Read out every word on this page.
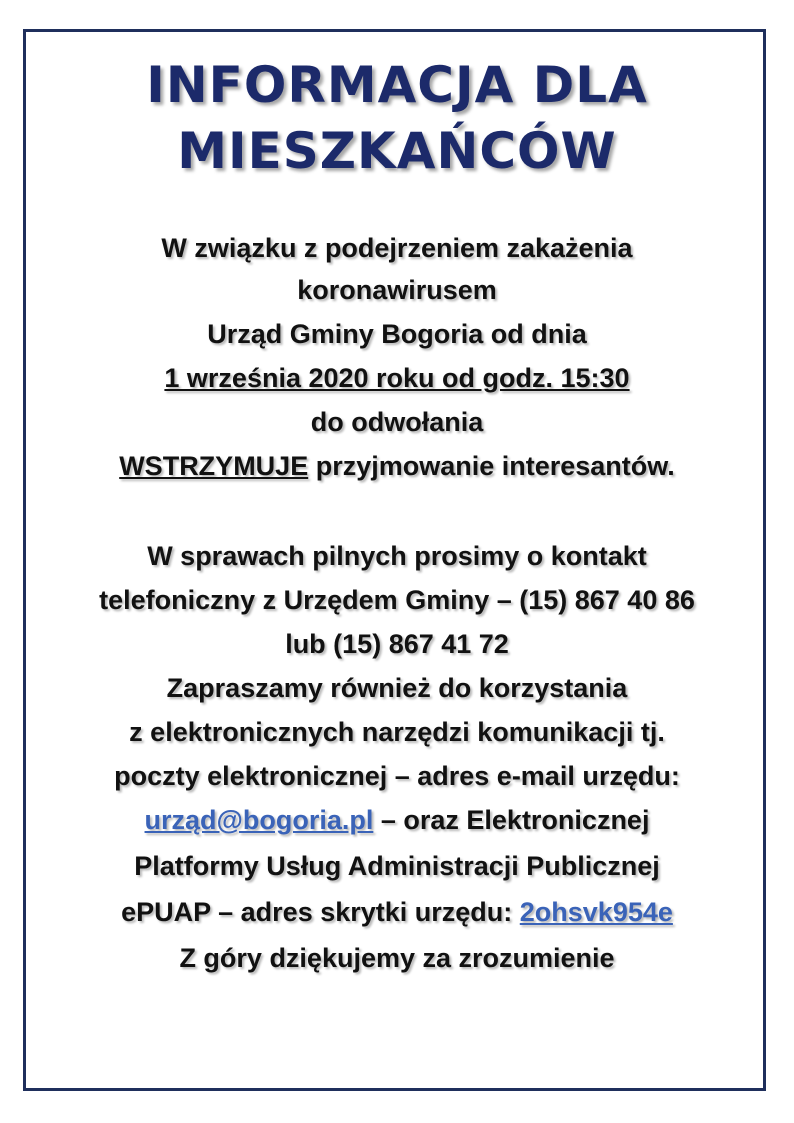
INFORMACJA DLA
MIESZKAŃCÓW
W związku z podejrzeniem zakażenia
koronawirusem
Urząd Gminy Bogoria od dnia
1 września 2020 roku od godz. 15:30
do odwołania
WSTRZYMUJE przyjmowanie interesantów.
W sprawach pilnych prosimy o kontakt
telefoniczny z Urzędem Gminy – (15) 867 40 86
lub (15) 867 41 72
Zapraszamy również do korzystania
z elektronicznych narzędzi komunikacji tj.
poczty elektronicznej – adres e-mail urzędu:
urząd@bogoria.pl – oraz Elektronicznej
Platformy Usług Administracji Publicznej
ePUAP – adres skrytki urzędu: 2ohsvk954e
Z góry dziękujemy za zrozumienie
